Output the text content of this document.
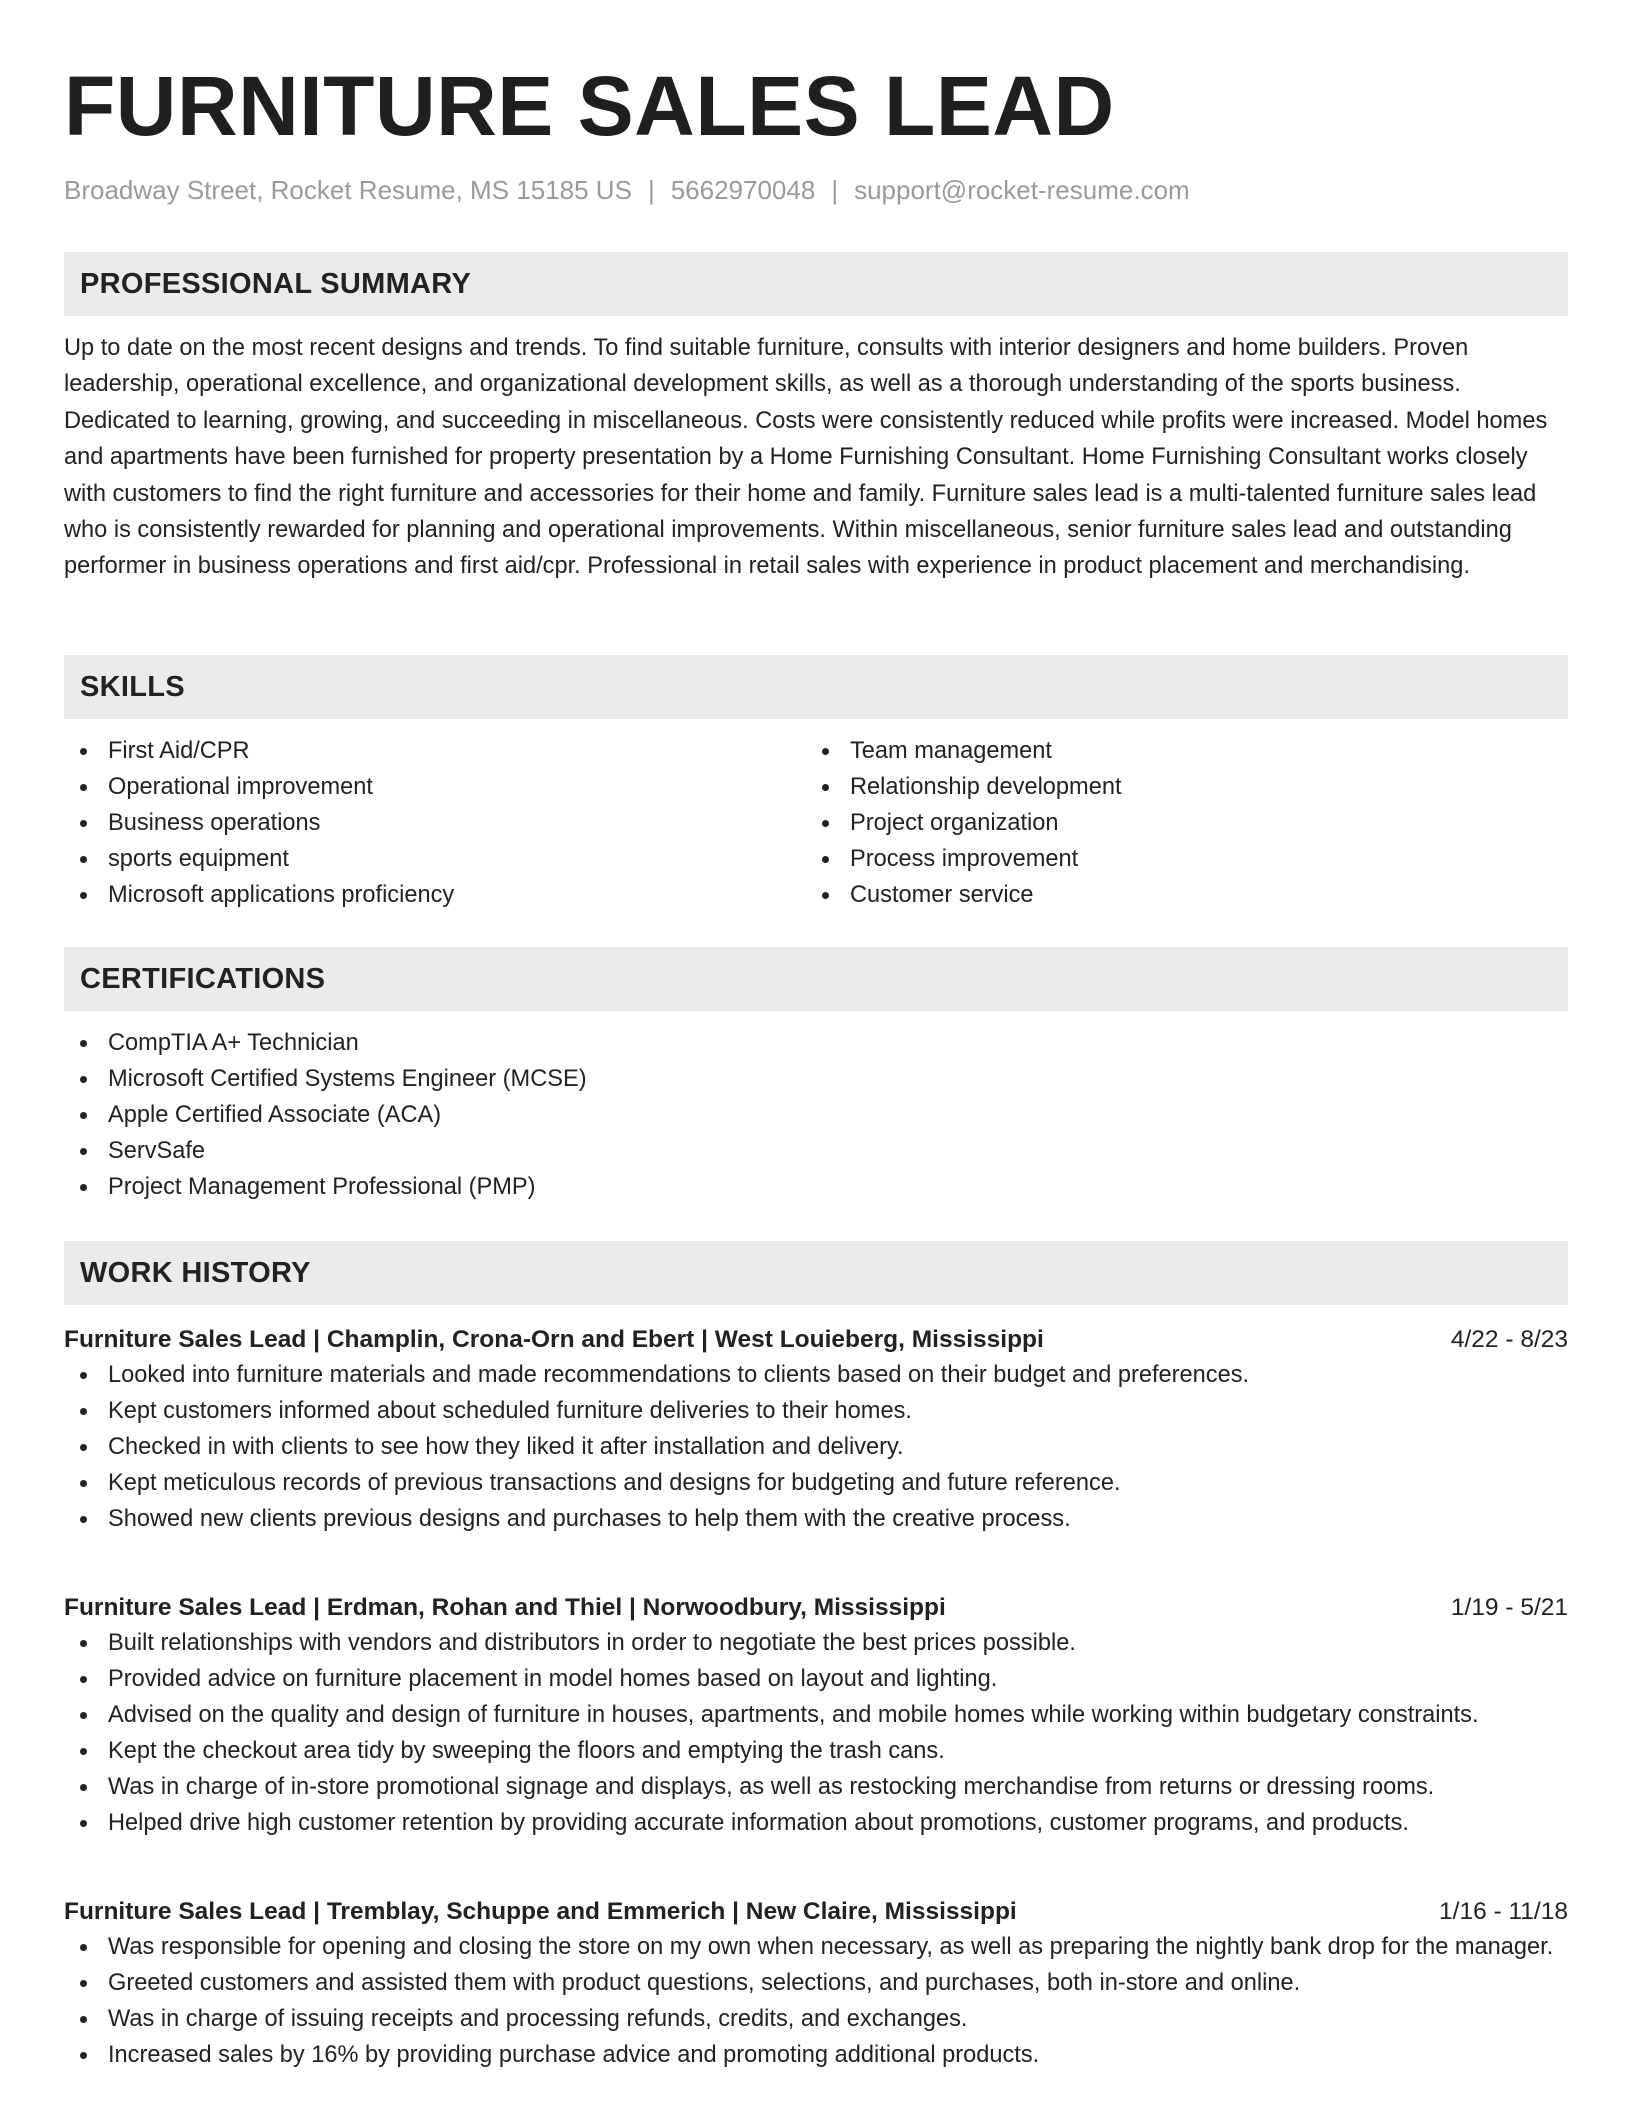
FURNITURE SALES LEAD
Broadway Street, Rocket Resume, MS 15185 US | 5662970048 | support@rocket-resume.com
PROFESSIONAL SUMMARY

Up to date on the most recent designs and trends. To find suitable furniture, consults with interior designers and home builders. Proven leadership, operational excellence, and organizational development skills, as well as a thorough understanding of the sports business. Dedicated to learning, growing, and succeeding in miscellaneous. Costs were consistently reduced while profits were increased. Model homes and apartments have been furnished for property presentation by a Home Furnishing Consultant. Home Furnishing Consultant works closely with customers to find the right furniture and accessories for their home and family. Furniture sales lead is a multi-talented furniture sales lead who is consistently rewarded for planning and operational improvements. Within miscellaneous, senior furniture sales lead and outstanding performer in business operations and first aid/cpr. Professional in retail sales with experience in product placement and merchandising.

SKILLS
First Aid/CPR
Operational improvement
Business operations
sports equipment
Microsoft applications proficiency
Team management
Relationship development
Project organization
Process improvement
Customer service
CERTIFICATIONS
CompTIA A+ Technician
Microsoft Certified Systems Engineer (MCSE)
Apple Certified Associate (ACA)
ServSafe
Project Management Professional (PMP)
WORK HISTORY
Furniture Sales Lead | Champlin, Crona-Orn and Ebert | West Louieberg, Mississippi	4/22 - 8/23
Looked into furniture materials and made recommendations to clients based on their budget and preferences.
Kept customers informed about scheduled furniture deliveries to their homes.
Checked in with clients to see how they liked it after installation and delivery.
Kept meticulous records of previous transactions and designs for budgeting and future reference.
Showed new clients previous designs and purchases to help them with the creative process.
Furniture Sales Lead | Erdman, Rohan and Thiel | Norwoodbury, Mississippi	1/19 - 5/21
Built relationships with vendors and distributors in order to negotiate the best prices possible.
Provided advice on furniture placement in model homes based on layout and lighting.
Advised on the quality and design of furniture in houses, apartments, and mobile homes while working within budgetary constraints.
Kept the checkout area tidy by sweeping the floors and emptying the trash cans.
Was in charge of in-store promotional signage and displays, as well as restocking merchandise from returns or dressing rooms.
Helped drive high customer retention by providing accurate information about promotions, customer programs, and products.
Furniture Sales Lead | Tremblay, Schuppe and Emmerich | New Claire, Mississippi	1/16 - 11/18
Was responsible for opening and closing the store on my own when necessary, as well as preparing the nightly bank drop for the manager.
Greeted customers and assisted them with product questions, selections, and purchases, both in-store and online.
Was in charge of issuing receipts and processing refunds, credits, and exchanges.
Increased sales by 16% by providing purchase advice and promoting additional products.
